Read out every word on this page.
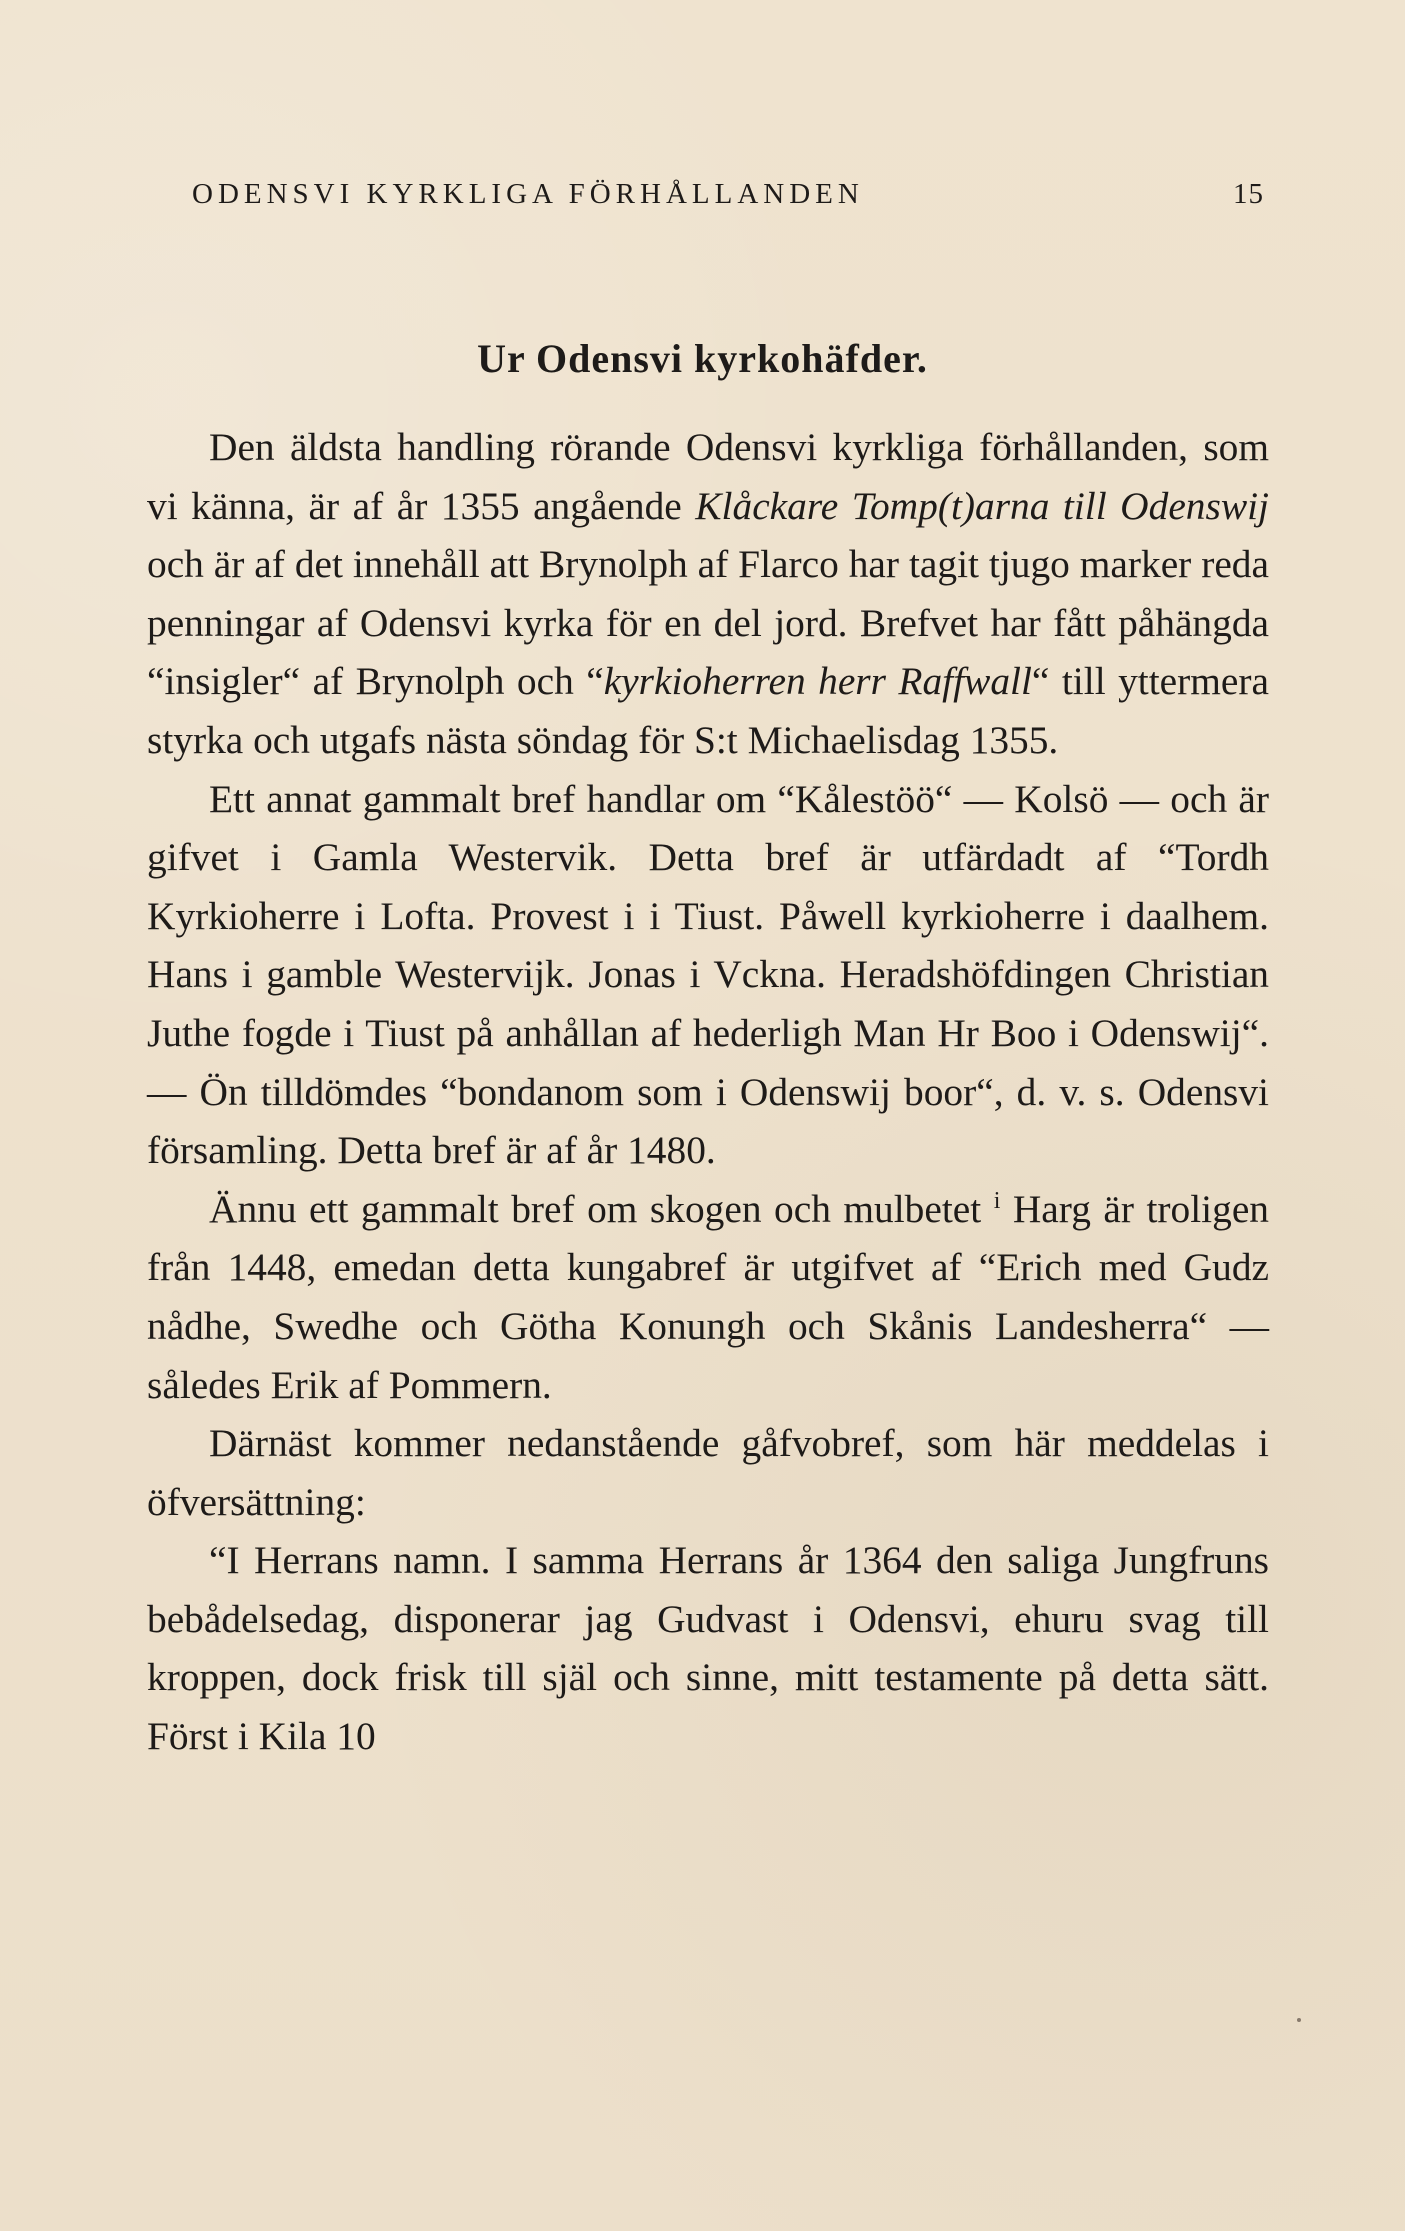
ODENSVI KYRKLIGA FÖRHÅLLANDEN	15
Ur Odensvi kyrkohäfder.

Den äldsta handling rörande Odensvi kyrkliga förhållanden, som vi känna, är af år 1355 angående Klåckare Tomp(t)arna till Odenswij och är af det innehåll att Brynolph af Flarco har tagit tjugo marker reda penningar af Odensvi kyrka för en del jord. Brefvet har fått påhängda “insigler“ af Brynolph och “kyrkioherren herr Raffwall“ till yttermera styrka och utgafs nästa söndag för S:t Michaelisdag 1355.

Ett annat gammalt bref handlar om “Kålestöö“ — Kolsö — och är gifvet i Gamla Westervik. Detta bref är utfärdadt af “Tordh Kyrkioherre i Lofta. Provest i i Tiust. Påwell kyrkioherre i daalhem. Hans i gamble Westervijk. Jonas i Vckna. Heradshöfdingen Christian Juthe fogde i Tiust på anhållan af hederligh Man Hr Boo i Odenswij“. — Ön tilldömdes “bondanom som i Odenswij boor“, d. v. s. Odensvi församling. Detta bref är af år 1480.

Ännu ett gammalt bref om skogen och mulbetet $^i$ Harg är troligen från 1448, emedan detta kungabref är utgifvet af “Erich med Gudz nådhe, Swedhe och Götha Konungh och Skånis Landesherra“ — således Erik af Pommern.

Därnäst kommer nedanstående gåfvobref, som här meddelas i öfversättning:

“I Herrans namn. I samma Herrans år 1364 den saliga Jungfruns bebådelsedag, disponerar jag Gudvast i Odensvi, ehuru svag till kroppen, dock frisk till själ och sinne, mitt testamente på detta sätt. Först i Kila 10
